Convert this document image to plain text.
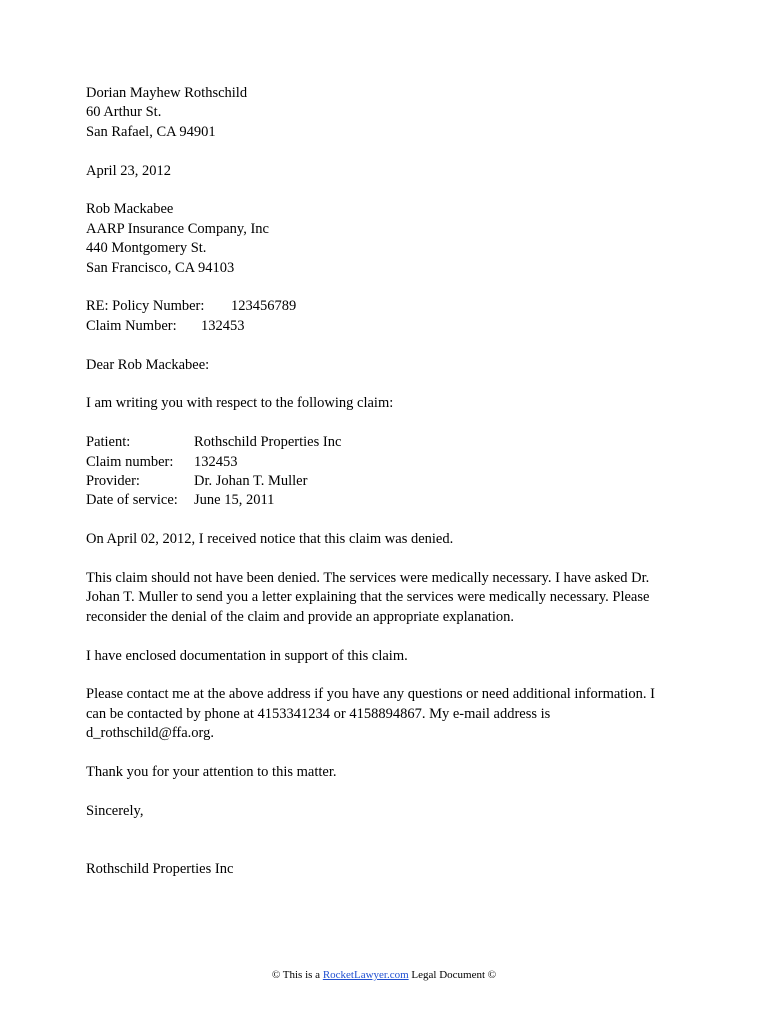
Dorian Mayhew Rothschild
60 Arthur St.
San Rafael, CA 94901
April 23, 2012
Rob Mackabee
AARP Insurance Company, Inc
440 Montgomery St.
San Francisco, CA 94103
RE: Policy Number: 123456789
Claim Number: 132453
Dear Rob Mackabee:
I am writing you with respect to the following claim:
Patient:	Rothschild Properties Inc
Claim number:	132453
Provider:	Dr. Johan T. Muller
Date of service:	June 15, 2011
On April 02, 2012, I received notice that this claim was denied.
This claim should not have been denied. The services were medically necessary. I have asked Dr.
Johan T. Muller to send you a letter explaining that the services were medically necessary. Please
reconsider the denial of the claim and provide an appropriate explanation.
I have enclosed documentation in support of this claim.
Please contact me at the above address if you have any questions or need additional information. I
can be contacted by phone at 4153341234 or 4158894867. My e-mail address is
d_rothschild@ffa.org.
Thank you for your attention to this matter.
Sincerely,
Rothschild Properties Inc
© This is a RocketLawyer.com Legal Document ©
